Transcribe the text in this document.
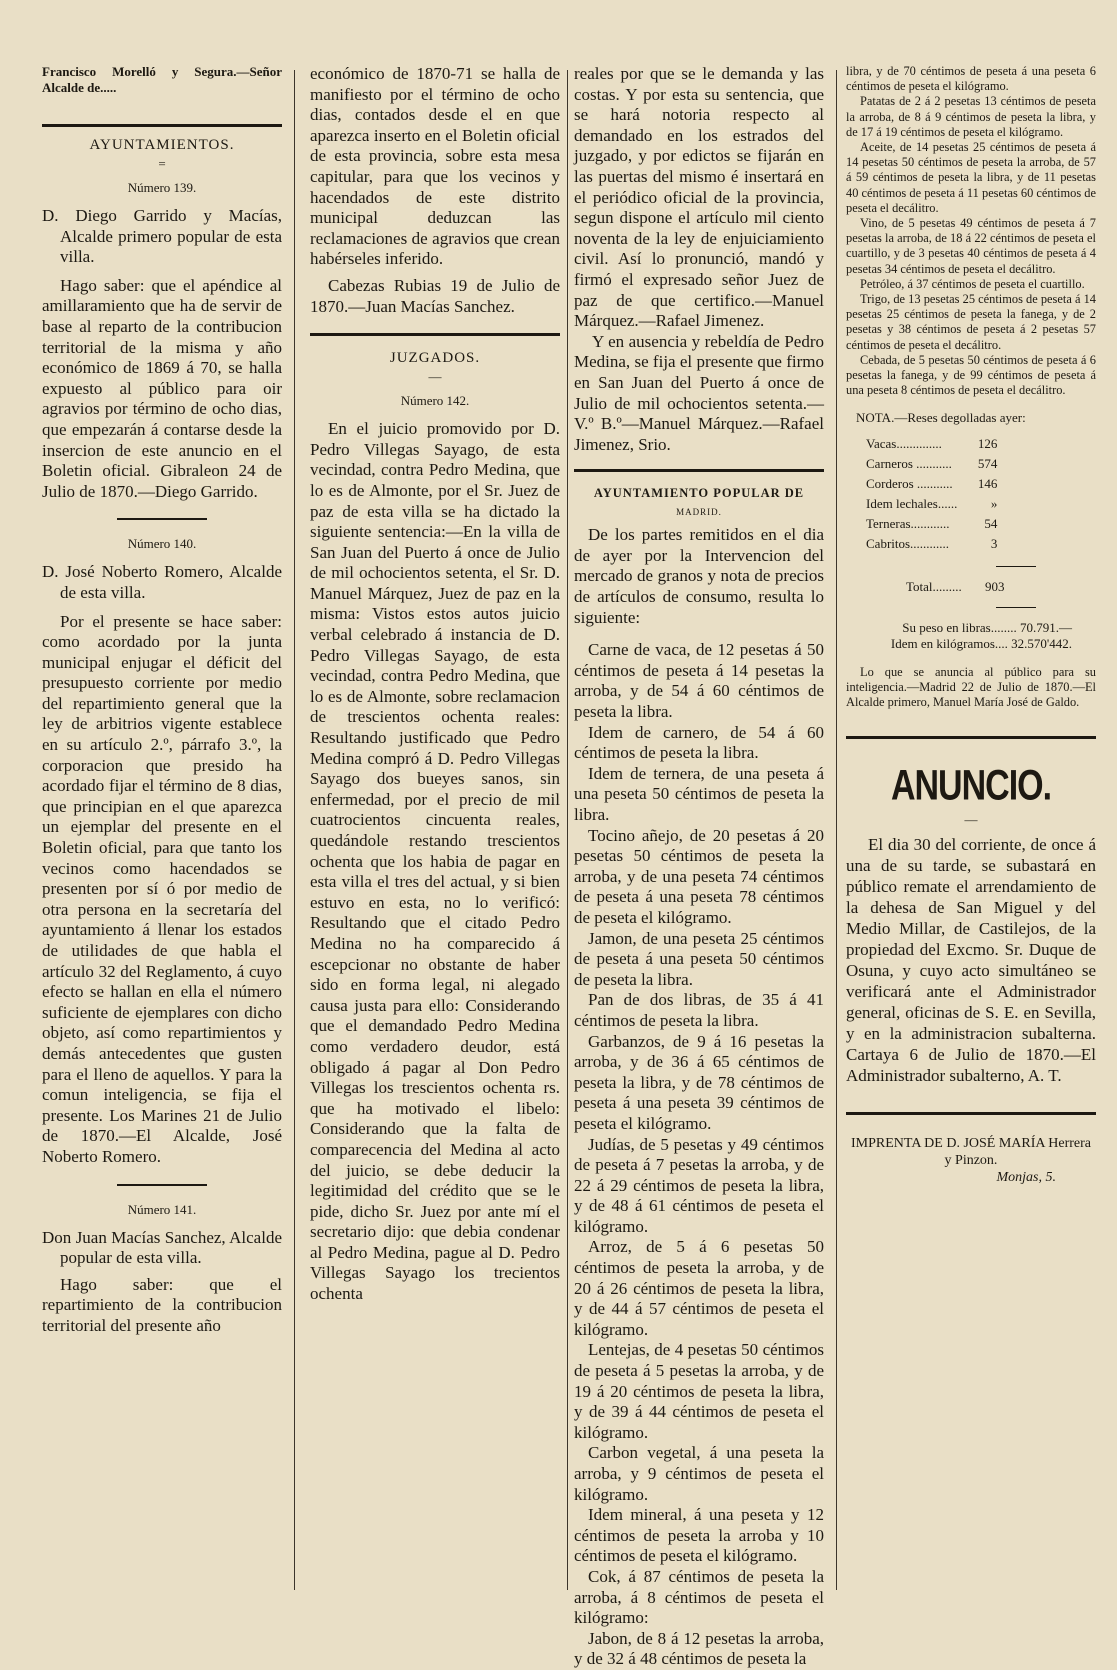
Francisco Morelló y Segura.—Señor Alcalde de.....

AYUNTAMIENTOS.
=
Número 139.

D. Diego Garrido y Macías, Alcalde primero popular de esta villa.

Hago saber: que el apéndice al amillaramiento que ha de servir de base al reparto de la contribucion territorial de la misma y año económico de 1869 á 70, se halla expuesto al público para oir agravios por término de ocho dias, que empezarán á contarse desde la insercion de este anuncio en el Boletin oficial. Gibraleon 24 de Julio de 1870.—Diego Garrido.

Número 140.

D. José Noberto Romero, Alcalde de esta villa.

Por el presente se hace saber: como acordado por la junta municipal enjugar el déficit del presupuesto corriente por medio del repartimiento general que la ley de arbitrios vigente establece en su artículo 2.º, párrafo 3.º, la corporacion que presido ha acordado fijar el término de 8 dias, que principian en el que aparezca un ejemplar del presente en el Boletin oficial, para que tanto los vecinos como hacendados se presenten por sí ó por medio de otra persona en la secretaría del ayuntamiento á llenar los estados de utilidades de que habla el artículo 32 del Reglamento, á cuyo efecto se hallan en ella el número suficiente de ejemplares con dicho objeto, así como repartimientos y demás antecedentes que gusten para el lleno de aquellos. Y para la comun inteligencia, se fija el presente. Los Marines 21 de Julio de 1870.—El Alcalde, José Noberto Romero.

Número 141.

Don Juan Macías Sanchez, Alcalde popular de esta villa.

Hago saber: que el repartimiento de la contribucion territorial del presente año

económico de 1870-71 se halla de manifiesto por el término de ocho dias, contados desde el en que aparezca inserto en el Boletin oficial de esta provincia, sobre esta mesa capitular, para que los vecinos y hacendados de este distrito municipal deduzcan las reclamaciones de agravios que crean habérseles inferido.

Cabezas Rubias 19 de Julio de 1870.—Juan Macías Sanchez.

JUZGADOS.
—
Número 142.

En el juicio promovido por D. Pedro Villegas Sayago, de esta vecindad, contra Pedro Medina, que lo es de Almonte, por el Sr. Juez de paz de esta villa se ha dictado la siguiente sentencia:—En la villa de San Juan del Puerto á once de Julio de mil ochocientos setenta, el Sr. D. Manuel Márquez, Juez de paz en la misma: Vistos estos autos juicio verbal celebrado á instancia de D. Pedro Villegas Sayago, de esta vecindad, contra Pedro Medina, que lo es de Almonte, sobre reclamacion de trescientos ochenta reales: Resultando justificado que Pedro Medina compró á D. Pedro Villegas Sayago dos bueyes sanos, sin enfermedad, por el precio de mil cuatrocientos cincuenta reales, quedándole restando trescientos ochenta que los habia de pagar en esta villa el tres del actual, y si bien estuvo en esta, no lo verificó: Resultando que el citado Pedro Medina no ha comparecido á escepcionar no obstante de haber sido en forma legal, ni alegado causa justa para ello: Considerando que el demandado Pedro Medina como verdadero deudor, está obligado á pagar al Don Pedro Villegas los trescientos ochenta rs. que ha motivado el libelo: Considerando que la falta de comparecencia del Medina al acto del juicio, se debe deducir la legitimidad del crédito que se le pide, dicho Sr. Juez por ante mí el secretario dijo: que debia condenar al Pedro Medina, pague al D. Pedro Villegas Sayago los trecientos ochenta

reales por que se le demanda y las costas. Y por esta su sentencia, que se hará notoria respecto al demandado en los estrados del juzgado, y por edictos se fijarán en las puertas del mismo é insertará en el periódico oficial de la provincia, segun dispone el artículo mil ciento noventa de la ley de enjuiciamiento civil. Así lo pronunció, mandó y firmó el expresado señor Juez de paz de que certifico.—Manuel Márquez.—Rafael Jimenez.

Y en ausencia y rebeldía de Pedro Medina, se fija el presente que firmo en San Juan del Puerto á once de Julio de mil ochocientos setenta.—V.º B.º—Manuel Márquez.—Rafael Jimenez, Srio.

AYUNTAMIENTO POPULAR DE
MADRID.

De los partes remitidos en el dia de ayer por la Intervencion del mercado de granos y nota de precios de artículos de consumo, resulta lo siguiente:

Carne de vaca, de 12 pesetas á 50 céntimos de peseta á 14 pesetas la arroba, y de 54 á 60 céntimos de peseta la libra.

Idem de carnero, de 54 á 60 céntimos de peseta la libra.

Idem de ternera, de una peseta á una peseta 50 céntimos de peseta la libra.

Tocino añejo, de 20 pesetas á 20 pesetas 50 céntimos de peseta la arroba, y de una peseta 74 céntimos de peseta á una peseta 78 céntimos de peseta el kilógramo.

Jamon, de una peseta 25 céntimos de peseta á una peseta 50 céntimos de peseta la libra.

Pan de dos libras, de 35 á 41 céntimos de peseta la libra.

Garbanzos, de 9 á 16 pesetas la arroba, y de 36 á 65 céntimos de peseta la libra, y de 78 céntimos de peseta á una peseta 39 céntimos de peseta el kilógramo.

Judías, de 5 pesetas y 49 céntimos de peseta á 7 pesetas la arroba, y de 22 á 29 céntimos de peseta la libra, y de 48 á 61 céntimos de peseta el kilógramo.

Arroz, de 5 á 6 pesetas 50 céntimos de peseta la arroba, y de 20 á 26 céntimos de peseta la libra, y de 44 á 57 céntimos de peseta el kilógramo.

Lentejas, de 4 pesetas 50 céntimos de peseta á 5 pesetas la arroba, y de 19 á 20 céntimos de peseta la libra, y de 39 á 44 céntimos de peseta el kilógramo.

Carbon vegetal, á una peseta la arroba, y 9 céntimos de peseta el kilógramo.

Idem mineral, á una peseta y 12 céntimos de peseta la arroba y 10 céntimos de peseta el kilógramo.

Cok, á 87 céntimos de peseta la arroba, á 8 céntimos de peseta el kilógramo:

Jabon, de 8 á 12 pesetas la arroba, y de 32 á 48 céntimos de peseta la

libra, y de 70 céntimos de peseta á una peseta 6 céntimos de peseta el kilógramo.

Patatas de 2 á 2 pesetas 13 céntimos de peseta la arroba, de 8 á 9 céntimos de peseta la libra, y de 17 á 19 céntimos de peseta el kilógramo.

Aceite, de 14 pesetas 25 céntimos de peseta á 14 pesetas 50 céntimos de peseta la arroba, de 57 á 59 céntimos de peseta la libra, y de 11 pesetas 40 céntimos de peseta á 11 pesetas 60 céntimos de peseta el decálitro.

Vino, de 5 pesetas 49 céntimos de peseta á 7 pesetas la arroba, de 18 á 22 céntimos de peseta el cuartillo, y de 3 pesetas 40 céntimos de peseta á 4 pesetas 34 céntimos de peseta el decálitro.

Petróleo, á 37 céntimos de peseta el cuartillo.

Trigo, de 13 pesetas 25 céntimos de peseta á 14 pesetas 25 céntimos de peseta la fanega, y de 2 pesetas y 38 céntimos de peseta á 2 pesetas 57 céntimos de peseta el decálitro.

Cebada, de 5 pesetas 50 céntimos de peseta á 6 pesetas la fanega, y de 99 céntimos de peseta á una peseta 8 céntimos de peseta el decálitro.

NOTA.—Reses degolladas ayer:
Vacas..............	126
Carneros ...........	574
Corderos ...........	146
Idem lechales......	»
Terneras............	54
Cabritos............	3
Total......... 903
Su peso en libras........ 70.791.—
Idem en kilógramos.... 32.570'442.

Lo que se anuncia al público para su inteligencia.—Madrid 22 de Julio de 1870.—El Alcalde primero, Manuel María José de Galdo.

ANUNCIO.
—

El dia 30 del corriente, de once á una de su tarde, se subastará en público remate el arrendamiento de la dehesa de San Miguel y del Medio Millar, de Castilejos, de la propiedad del Excmo. Sr. Duque de Osuna, y cuyo acto simultáneo se verificará ante el Administrador general, oficinas de S. E. en Sevilla, y en la administracion subalterna. Cartaya 6 de Julio de 1870.—El Administrador subalterno, A. T.

IMPRENTA DE D. JOSÉ MARÍA Herrera y Pinzon.
Monjas, 5.
